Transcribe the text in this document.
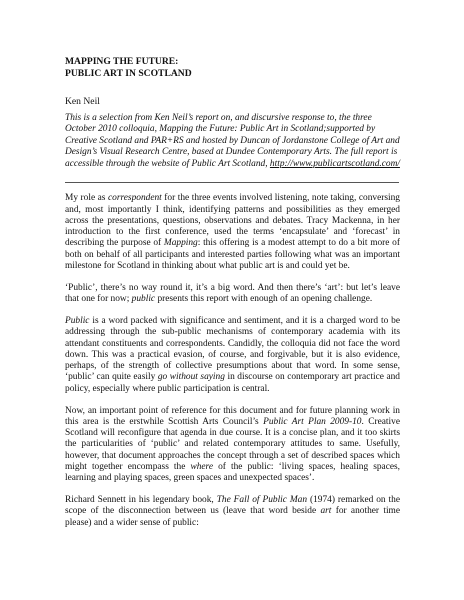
MAPPING THE FUTURE:
PUBLIC ART IN SCOTLAND
Ken Neil
This is a selection from Ken Neil’s report on, and discursive response to, the three October 2010 colloquia, Mapping the Future: Public Art in Scotland;supported by Creative Scotland and PAR+RS and hosted by Duncan of Jordanstone College of Art and Design’s Visual Research Centre, based at Dundee Contemporary Arts. The full report is accessible through the website of Public Art Scotland, http://www.publicartscotland.com/

My role as correspondent for the three events involved listening, note taking, conversing and, most importantly I think, identifying patterns and possibilities as they emerged across the presentations, questions, observations and debates. Tracy Mackenna, in her introduction to the first conference, used the terms ‘encapsulate’ and ‘forecast’ in describing the purpose of Mapping: this offering is a modest attempt to do a bit more of both on behalf of all participants and interested parties following what was an important milestone for Scotland in thinking about what public art is and could yet be.

‘Public’, there’s no way round it, it’s a big word. And then there’s ‘art’: but let’s leave that one for now; public presents this report with enough of an opening challenge.

Public is a word packed with significance and sentiment, and it is a charged word to be addressing through the sub-public mechanisms of contemporary academia with its attendant constituents and correspondents. Candidly, the colloquia did not face the word down. This was a practical evasion, of course, and forgivable, but it is also evidence, perhaps, of the strength of collective presumptions about that word. In some sense, ‘public’ can quite easily go without saying in discourse on contemporary art practice and policy, especially where public participation is central.

Now, an important point of reference for this document and for future planning work in this area is the erstwhile Scottish Arts Council’s Public Art Plan 2009-10. Creative Scotland will reconfigure that agenda in due course. It is a concise plan, and it too skirts the particularities of ‘public’ and related contemporary attitudes to same. Usefully, however, that document approaches the concept through a set of described spaces which might together encompass the where of the public: ‘living spaces, healing spaces, learning and playing spaces, green spaces and unexpected spaces’.

Richard Sennett in his legendary book, The Fall of Public Man (1974) remarked on the scope of the disconnection between us (leave that word beside art for another time please) and a wider sense of public:
